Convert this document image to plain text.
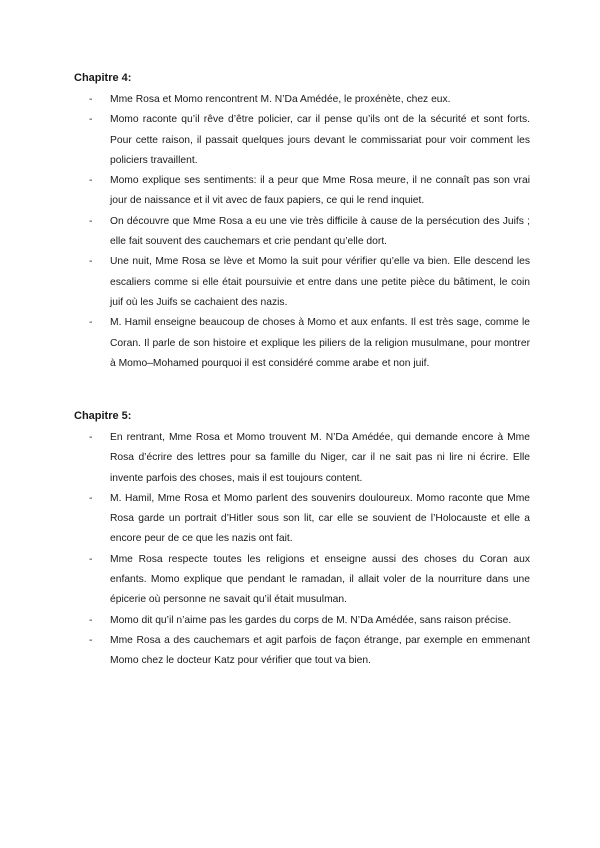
Chapitre 4:
- Mme Rosa et Momo rencontrent M. N’Da Amédée, le proxénète, chez eux.
- Momo raconte qu’il rêve d’être policier, car il pense qu’ils ont de la sécurité et sont forts. Pour cette raison, il passait quelques jours devant le commissariat pour voir comment les policiers travaillent.
- Momo explique ses sentiments: il a peur que Mme Rosa meure, il ne connaît pas son vrai jour de naissance et il vit avec de faux papiers, ce qui le rend inquiet.
- On découvre que Mme Rosa a eu une vie très difficile à cause de la persécution des Juifs ; elle fait souvent des cauchemars et crie pendant qu’elle dort.
- Une nuit, Mme Rosa se lève et Momo la suit pour vérifier qu’elle va bien. Elle descend les escaliers comme si elle était poursuivie et entre dans une petite pièce du bâtiment, le coin juif où les Juifs se cachaient des nazis.
- M. Hamil enseigne beaucoup de choses à Momo et aux enfants. Il est très sage, comme le Coran. Il parle de son histoire et explique les piliers de la religion musulmane, pour montrer à Momo–Mohamed pourquoi il est considéré comme arabe et non juif.
Chapitre 5:
- En rentrant, Mme Rosa et Momo trouvent M. N’Da Amédée, qui demande encore à Mme Rosa d’écrire des lettres pour sa famille du Niger, car il ne sait pas ni lire ni écrire. Elle invente parfois des choses, mais il est toujours content.
- M. Hamil, Mme Rosa et Momo parlent des souvenirs douloureux. Momo raconte que Mme Rosa garde un portrait d’Hitler sous son lit, car elle se souvient de l’Holocauste et elle a encore peur de ce que les nazis ont fait.
- Mme Rosa respecte toutes les religions et enseigne aussi des choses du Coran aux enfants. Momo explique que pendant le ramadan, il allait voler de la nourriture dans une épicerie où personne ne savait qu’il était musulman.
- Momo dit qu’il n’aime pas les gardes du corps de M. N’Da Amédée, sans raison précise.
- Mme Rosa a des cauchemars et agit parfois de façon étrange, par exemple en emmenant Momo chez le docteur Katz pour vérifier que tout va bien.
